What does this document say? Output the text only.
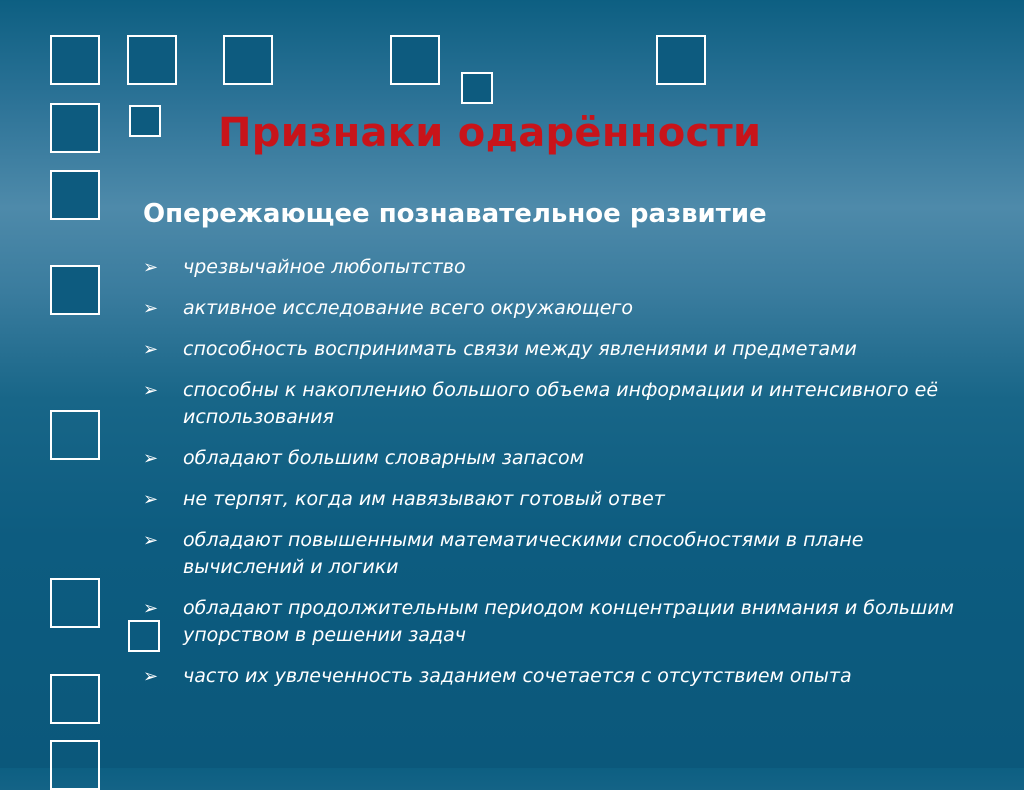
Признаки одарённости
Опережающее познавательное развитие
➢ чрезвычайное любопытство
➢ активное исследование всего окружающего
➢ способность воспринимать связи между явлениями и предметами
➢ способны к накоплению большого объема информации и интенсивного её использования
➢ обладают большим словарным запасом
➢ не терпят, когда им навязывают готовый ответ
➢ обладают повышенными математическими способностями в плане вычислений и логики
➢ обладают продолжительным периодом концентрации внимания и большим упорством в решении задач
➢ часто их увлеченность заданием сочетается с отсутствием опыта
